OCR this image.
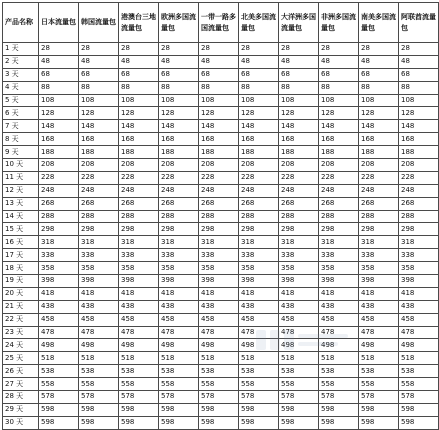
产品名称	日本流量包	韩国流量包	港澳台三地流量包	欧洲多国流量包	一带一路多国流量包	北美多国流量包	大洋洲多国流量包	非洲多国流量包	南美多国流量包	阿联酋流量包
1 天	28	28	28	28	28	28	28	28	28	28
2 天	48	48	48	48	48	48	48	48	48	48
3 天	68	68	68	68	68	68	68	68	68	68
4 天	88	88	88	88	88	88	88	88	88	88
5 天	108	108	108	108	108	108	108	108	108	108
6 天	128	128	128	128	128	128	128	128	128	128
7 天	148	148	148	148	148	148	148	148	148	148
8 天	168	168	168	168	168	168	168	168	168	168
9 天	188	188	188	188	188	188	188	188	188	188
10 天	208	208	208	208	208	208	208	208	208	208
11 天	228	228	228	228	228	228	228	228	228	228
12 天	248	248	248	248	248	248	248	248	248	248
13 天	268	268	268	268	268	268	268	268	268	268
14 天	288	288	288	288	288	288	288	288	288	288
15 天	298	298	298	298	298	298	298	298	298	298
16 天	318	318	318	318	318	318	318	318	318	318
17 天	338	338	338	338	338	338	338	338	338	338
18 天	358	358	358	358	358	358	358	358	358	358
19 天	398	398	398	398	398	398	398	398	398	398
20 天	418	418	418	418	418	418	418	418	418	418
21 天	438	438	438	438	438	438	438	438	438	438
22 天	458	458	458	458	458	458	458	458	458	458
23 天	478	478	478	478	478	478	478	478	478	478
24 天	498	498	498	498	498	498	498	498	498	498
25 天	518	518	518	518	518	518	518	518	518	518
26 天	538	538	538	538	538	538	538	538	538	538
27 天	558	558	558	558	558	558	558	558	558	558
28 天	578	578	578	578	578	578	578	578	578	578
29 天	598	598	598	598	598	598	598	598	598	598
30 天	598	598	598	598	598	598	598	598	598	598
